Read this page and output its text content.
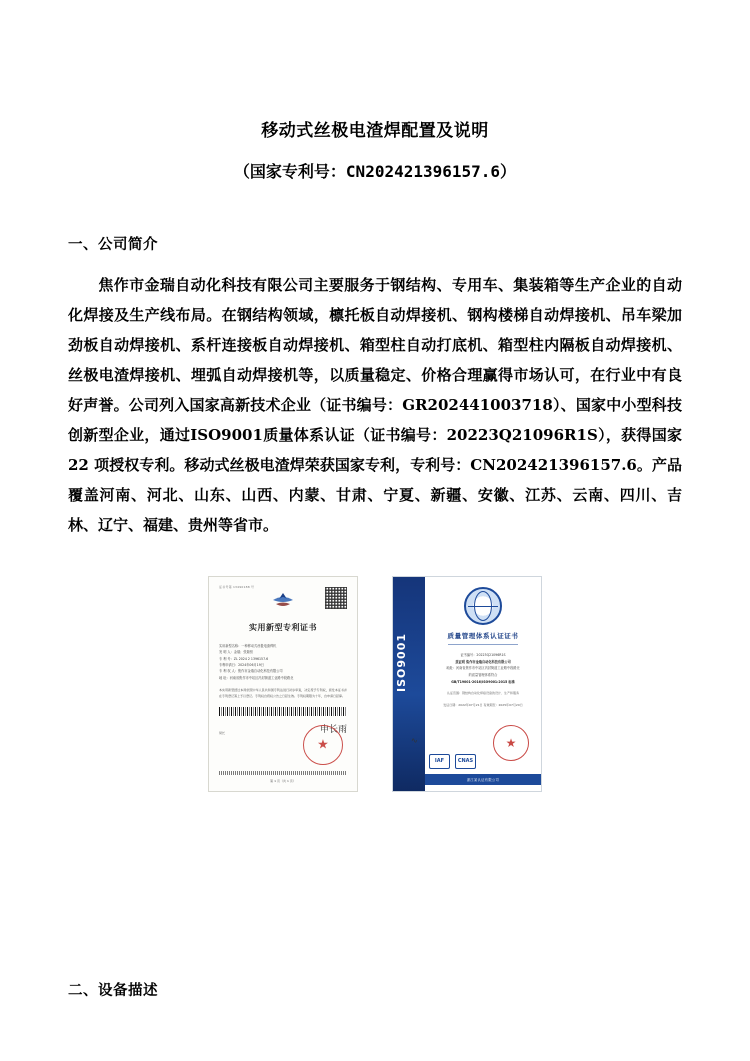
移动式丝极电渣焊配置及说明
（国家专利号：CN202421396157.6）
一、公司简介

焦作市金瑞自动化科技有限公司主要服务于钢结构、专用车、集装箱等生产企业的自动化焊接及生产线布局。在钢结构领域，檩托板自动焊接机、钢构楼梯自动焊接机、吊车梁加劲板自动焊接机、系杆连接板自动焊接机、箱型柱自动打底机、箱型柱内隔板自动焊接机、丝极电渣焊接机、埋弧自动焊接机等，以质量稳定、价格合理赢得市场认可，在行业中有良好声誉。公司列入国家高新技术企业（证书编号：GR202441003718）、国家中小型科技创新型企业，通过ISO9001质量体系认证（证书编号：20223Q21096R1S），获得国家 22 项授权专利。移动式丝极电渣焊荣获国家专利，专利号：CN202421396157.6。产品覆盖河南、河北、山东、山西、内蒙、甘肃、宁夏、新疆、安徽、江苏、云南、四川、吉林、辽宁、福建、贵州等省市。

证书号第 13490188 号
实用新型专利证书
实用新型名称：一种移动式丝极电渣焊机
发 明 人：金瑞；张瑞恒
专 利 号：ZL 2024 2 1396157.6
专利申请日：2024年06月19日
专 利 权 人：焦作市金瑞自动化科技有限公司
地 址：河南省焦作市中站区冯封街道工业路中段路北
本实用新型经过本局依照中华人民共和国专利法进行初步审查，决定授予专利权，颁发本证书并在专利登记簿上予以登记。专利权自授权公告之日起生效。专利权期限为十年，自申请日起算。
局长	申长雨
★
第 1 页（共 1 页）
ISO9001	质量管理体系认证证书
证书编号：20223Q21096R1S
兹证明 焦作市金瑞自动化科技有限公司
地址：河南省焦作市中站区冯封街道工业路中段路北
的质量管理体系符合
GB/T19001-2016/ISO9001:2015 标准
认证范围：钢结构自动化焊接设备的设计、生产和服务
发证日期：2022年07月21日 有效期至：2025年07月20日
∿
IAF	CNAS
★
浙江某认证有限公司
二、设备描述
